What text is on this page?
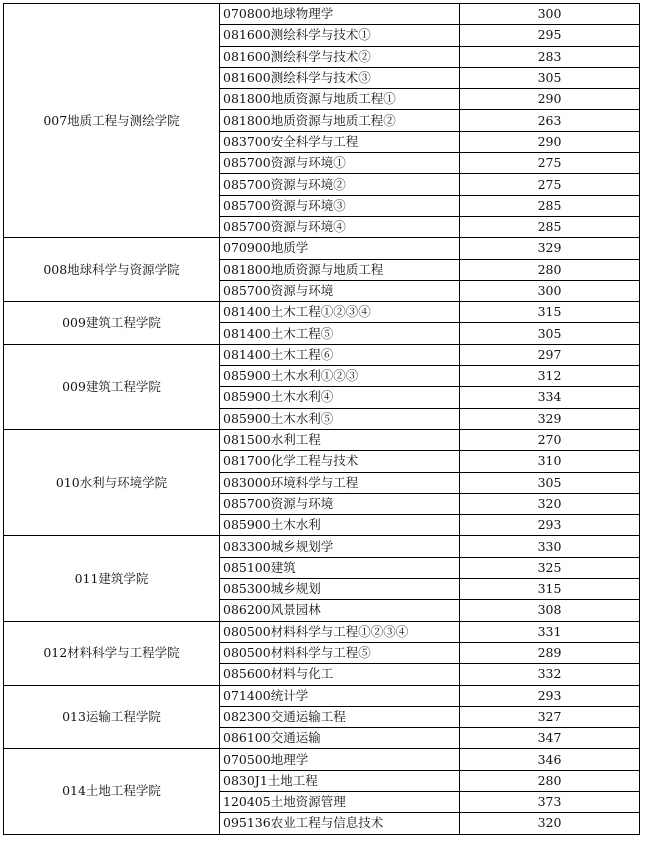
007地质工程与测绘学院	070800地球物理学	300
	081600测绘科学与技术①	295
	081600测绘科学与技术②	283
	081600测绘科学与技术③	305
	081800地质资源与地质工程①	290
	081800地质资源与地质工程②	263
	083700安全科学与工程	290
	085700资源与环境①	275
	085700资源与环境②	275
	085700资源与环境③	285
	085700资源与环境④	285
008地球科学与资源学院	070900地质学	329
	081800地质资源与地质工程	280
	085700资源与环境	300
009建筑工程学院	081400土木工程①②③④	315
	081400土木工程⑤	305
009建筑工程学院	081400土木工程⑥	297
	085900土木水利①②③	312
	085900土木水利④	334
	085900土木水利⑤	329
010水利与环境学院	081500水利工程	270
	081700化学工程与技术	310
	083000环境科学与工程	305
	085700资源与环境	320
	085900土木水利	293
011建筑学院	083300城乡规划学	330
	085100建筑	325
	085300城乡规划	315
	086200风景园林	308
012材料科学与工程学院	080500材料科学与工程①②③④	331
	080500材料科学与工程⑤	289
	085600材料与化工	332
013运输工程学院	071400统计学	293
	082300交通运输工程	327
	086100交通运输	347
014土地工程学院	070500地理学	346
	0830J1土地工程	280
	120405土地资源管理	373
	095136农业工程与信息技术	320
